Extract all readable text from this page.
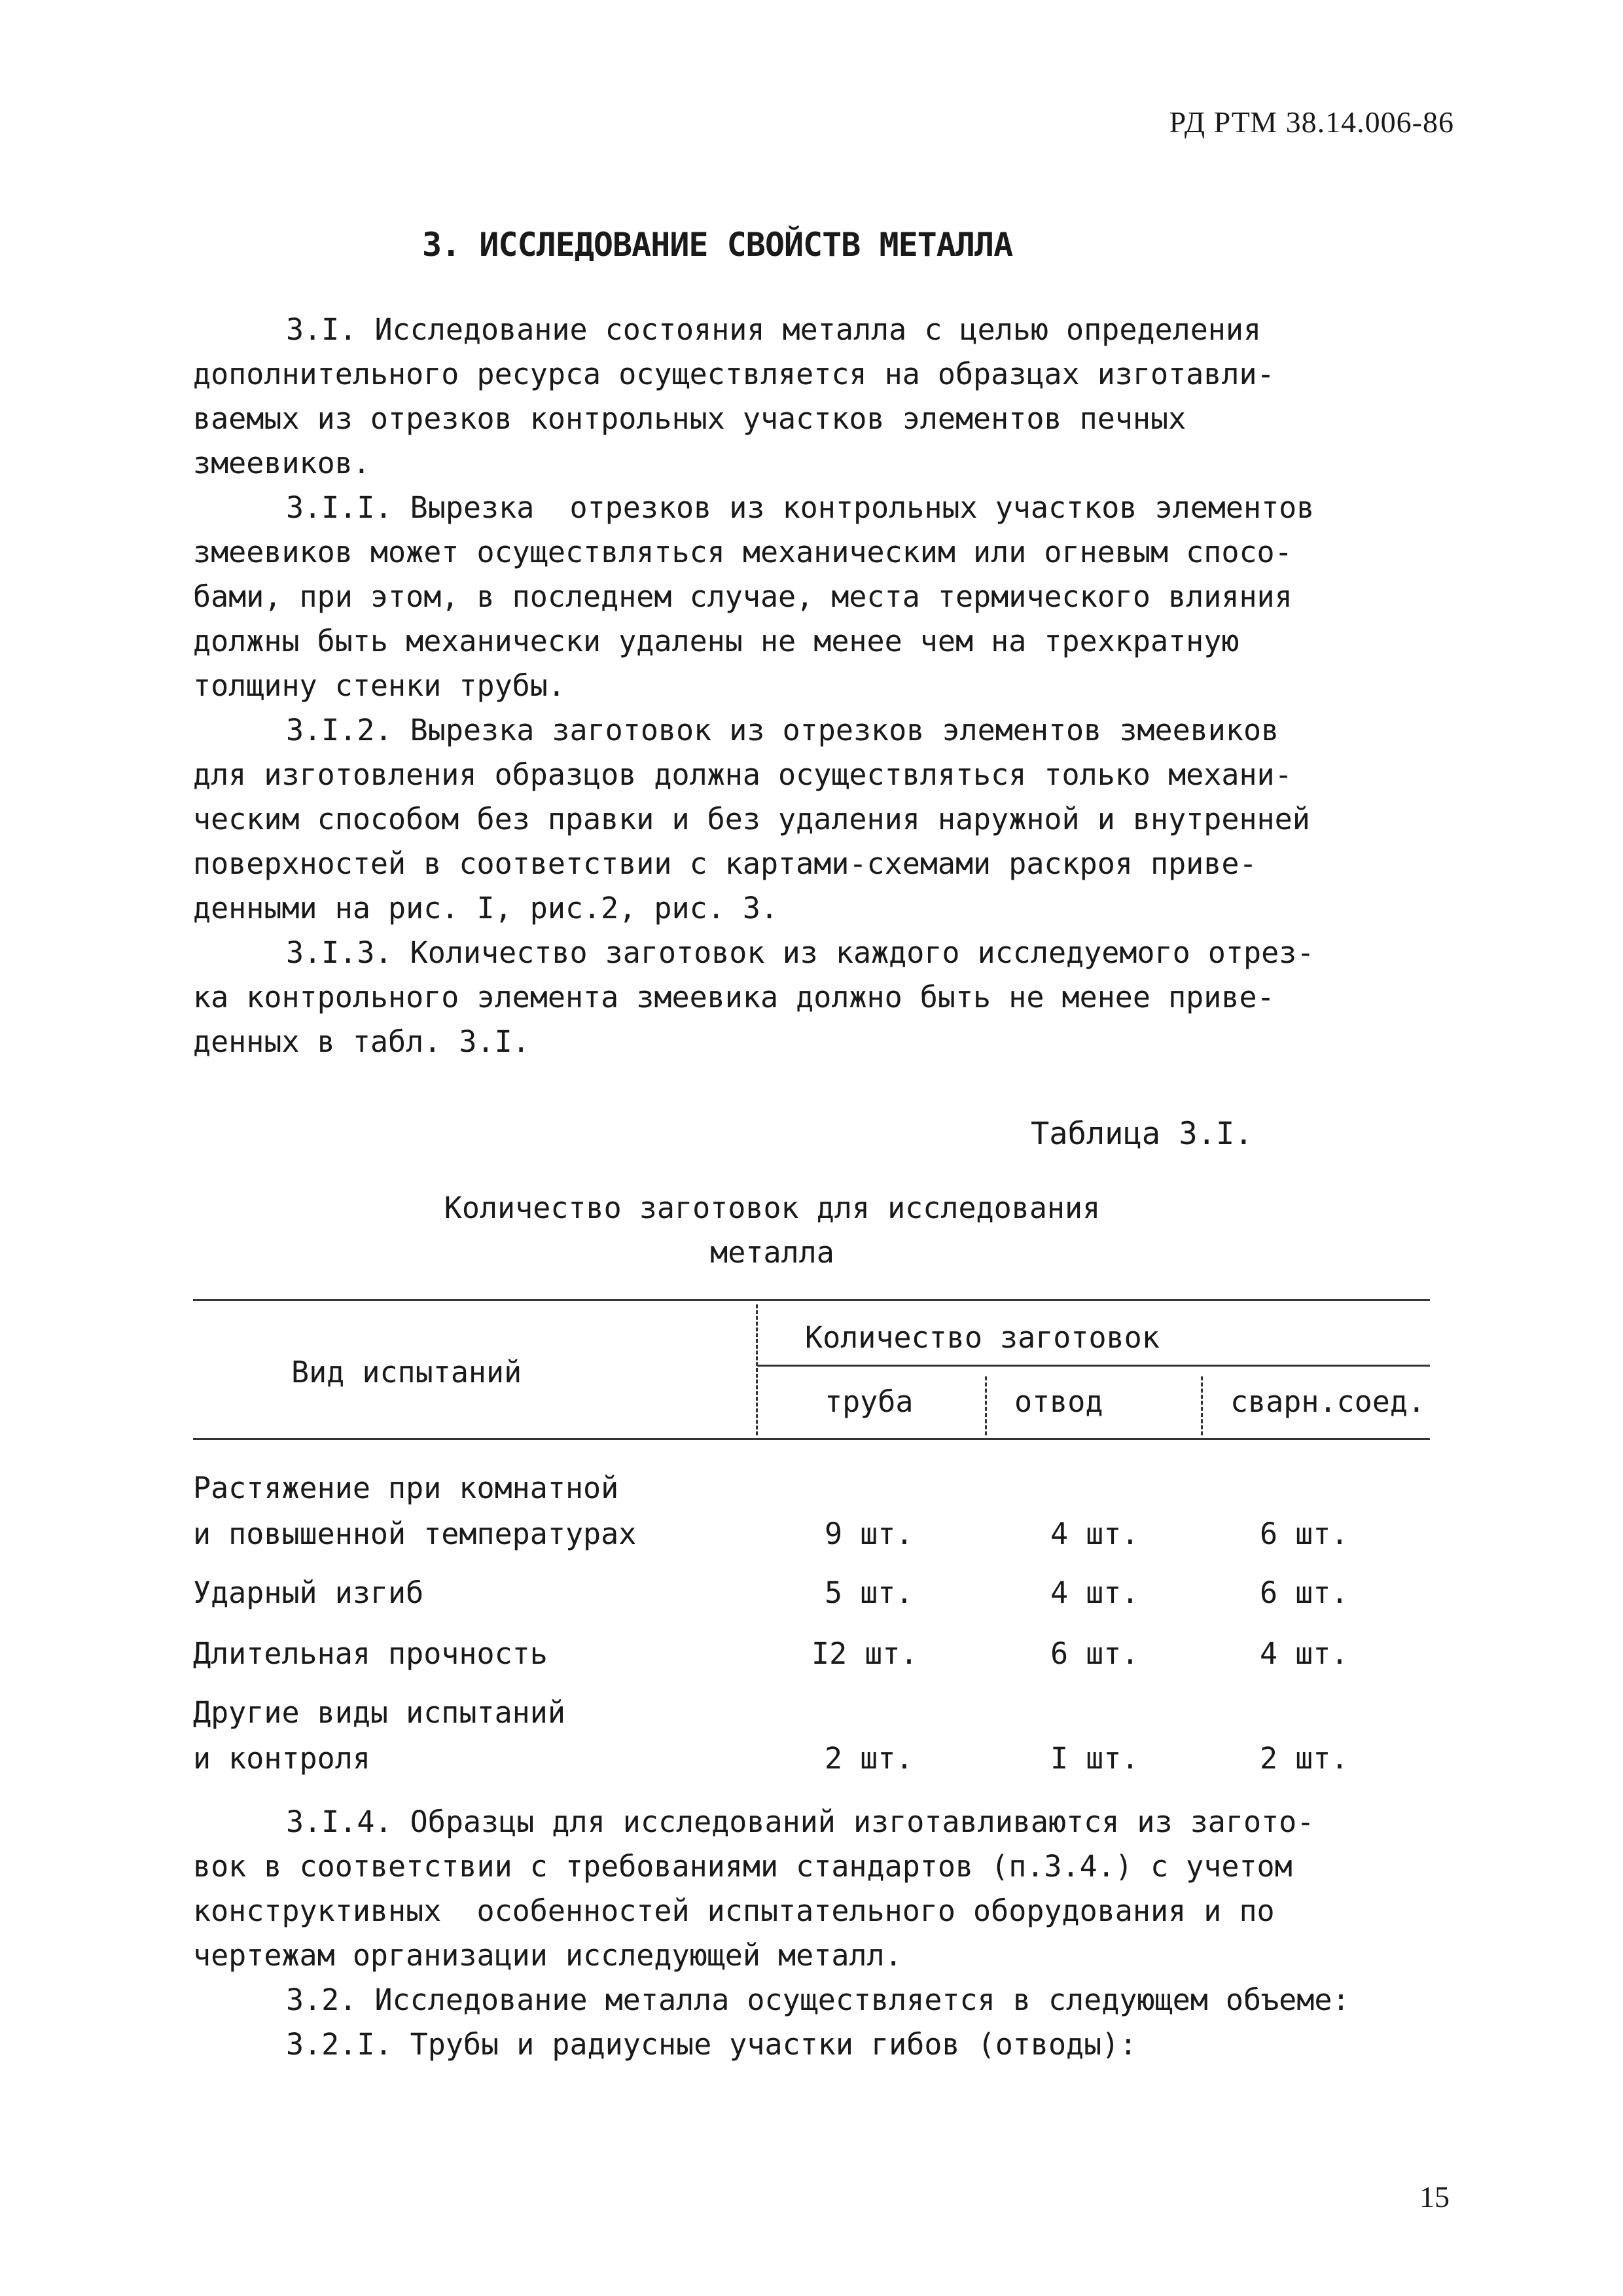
РД РТМ 38.14.006-86
3. ИССЛЕДОВАНИЕ СВОЙСТВ МЕТАЛЛА
3.I. Исследование состояния металла с целью определения
дополнительного ресурса осуществляется на образцах изготавли-
ваемых из отрезков контрольных участков элементов печных
змеевиков.
3.I.I. Вырезка  отрезков из контрольных участков элементов
змеевиков может осуществляться механическим или огневым спосо-
бами, при этом, в последнем случае, места термического влияния
должны быть механически удалены не менее чем на трехкратную
толщину стенки трубы.
3.I.2. Вырезка заготовок из отрезков элементов змеевиков
для изготовления образцов должна осуществляться только механи-
ческим способом без правки и без удаления наружной и внутренней
поверхностей в соответствии с картами-схемами раскроя приве-
денными на рис. I, рис.2, рис. 3.
3.I.3. Количество заготовок из каждого исследуемого отрез-
ка контрольного элемента змеевика должно быть не менее приве-
денных в табл. 3.I.
Таблица 3.I.
Количество заготовок для исследования
металла
Количество заготовок
Вид испытаний
труба	отвод	сварн.соед.
Растяжение при комнатной
и повышенной температурах	9 шт.	4 шт.	6 шт.
Ударный изгиб	5 шт.	4 шт.	6 шт.
Длительная прочность	I2 шт.	6 шт.	4 шт.
Другие виды испытаний
и контроля	2 шт.	I шт.	2 шт.
3.I.4. Образцы для исследований изготавливаются из загото-
вок в соответствии с требованиями стандартов (п.3.4.) с учетом
конструктивных  особенностей испытательного оборудования и по
чертежам организации исследующей металл.
3.2. Исследование металла осуществляется в следующем объеме:
3.2.I. Трубы и радиусные участки гибов (отводы):
15
